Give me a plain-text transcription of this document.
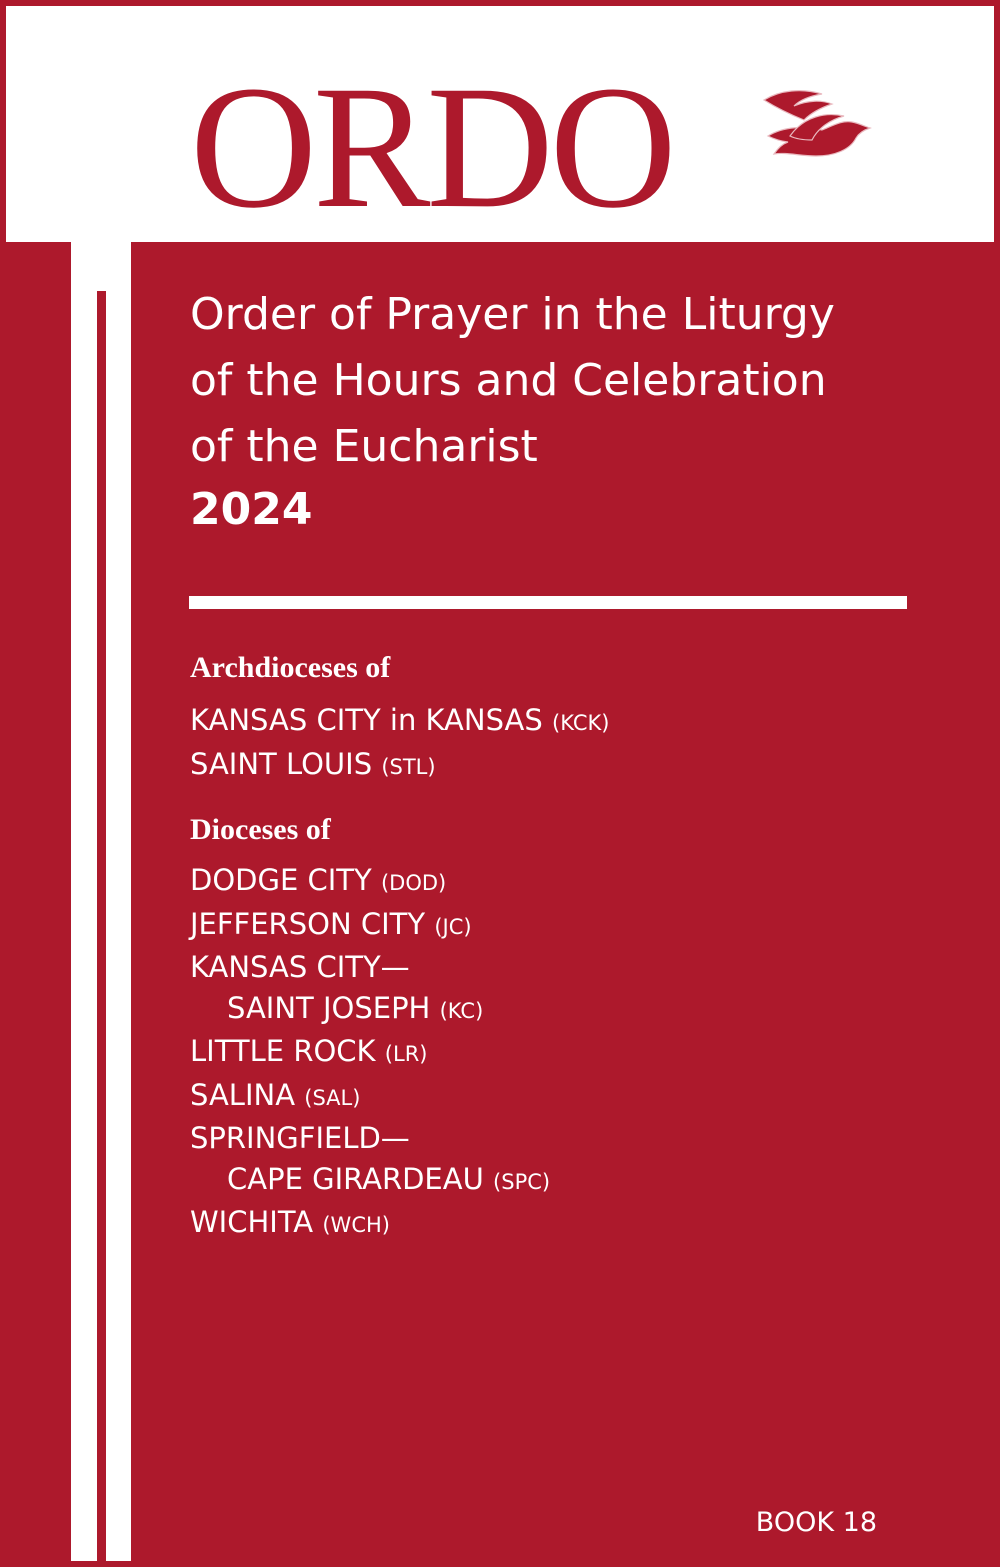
ORDO
Order of Prayer in the Liturgy
of the Hours and Celebration
of the Eucharist
2024
Archdioceses of
KANSAS CITY in KANSAS (KCK)
SAINT LOUIS (STL)
Dioceses of
DODGE CITY (DOD)
JEFFERSON CITY (JC)
KANSAS CITY—
SAINT JOSEPH (KC)
LITTLE ROCK (LR)
SALINA (SAL)
SPRINGFIELD—
CAPE GIRARDEAU (SPC)
WICHITA (WCH)
BOOK 18
